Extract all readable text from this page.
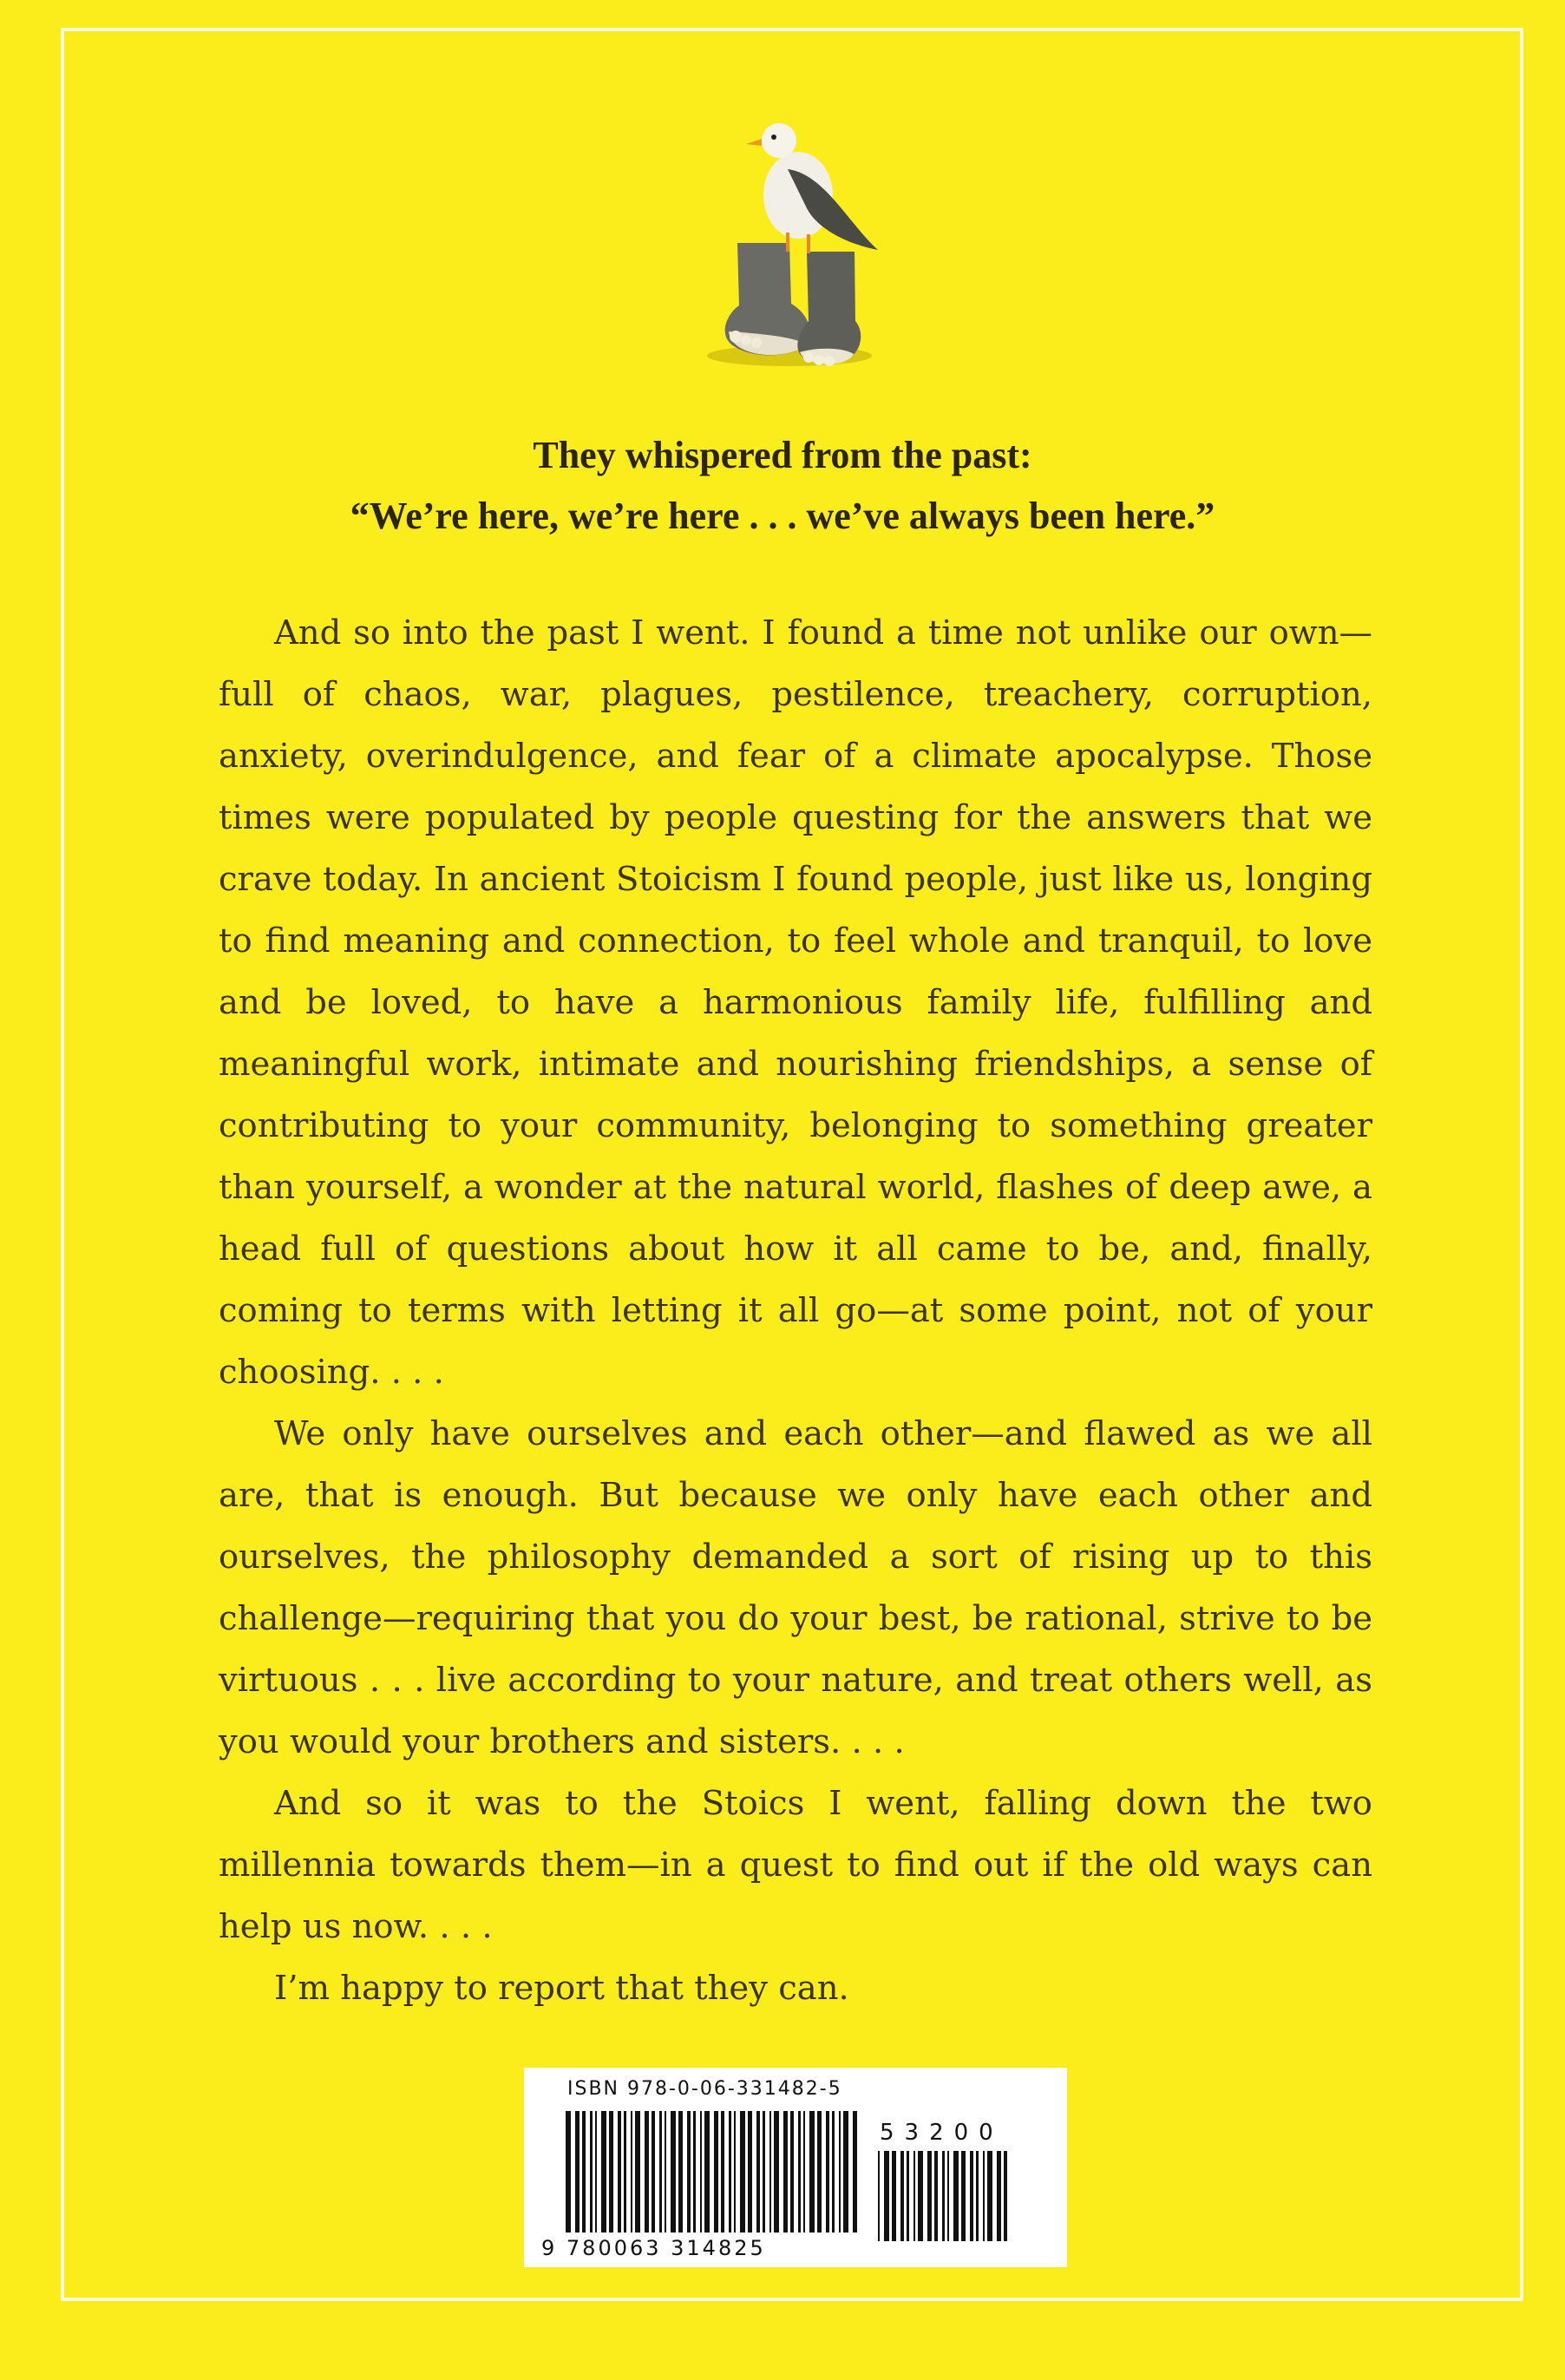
They whispered from the past:
“We’re here, we’re here . . . we’ve always been here.”

And so into the past I went. I found a time not unlike our own—full of chaos, war, plagues, pestilence, treachery, corruption, anxiety, overindulgence, and fear of a climate apocalypse. Those times were populated by people questing for the answers that we crave today. In ancient Stoicism I found people, just like us, longing to find meaning and connection, to feel whole and tranquil, to love and be loved, to have a harmonious family life, fulfilling and meaningful work, intimate and nourishing friendships, a sense of contributing to your community, belonging to something greater than yourself, a wonder at the natural world, flashes of deep awe, a head full of questions about how it all came to be, and, finally, coming to terms with letting it all go—at some point, not of your choosing. . . .

We only have ourselves and each other—and flawed as we all are, that is enough. But because we only have each other and ourselves, the philosophy demanded a sort of rising up to this challenge—requiring that you do your best, be rational, strive to be virtuous . . . live according to your nature, and treat others well, as you would your brothers and sisters. . . .

And so it was to the Stoics I went, falling down the two millennia towards them—in a quest to find out if the old ways can help us now. . . .

I’m happy to report that they can.

ISBN 978-0-06-331482-5
53200
9 780063 314825
